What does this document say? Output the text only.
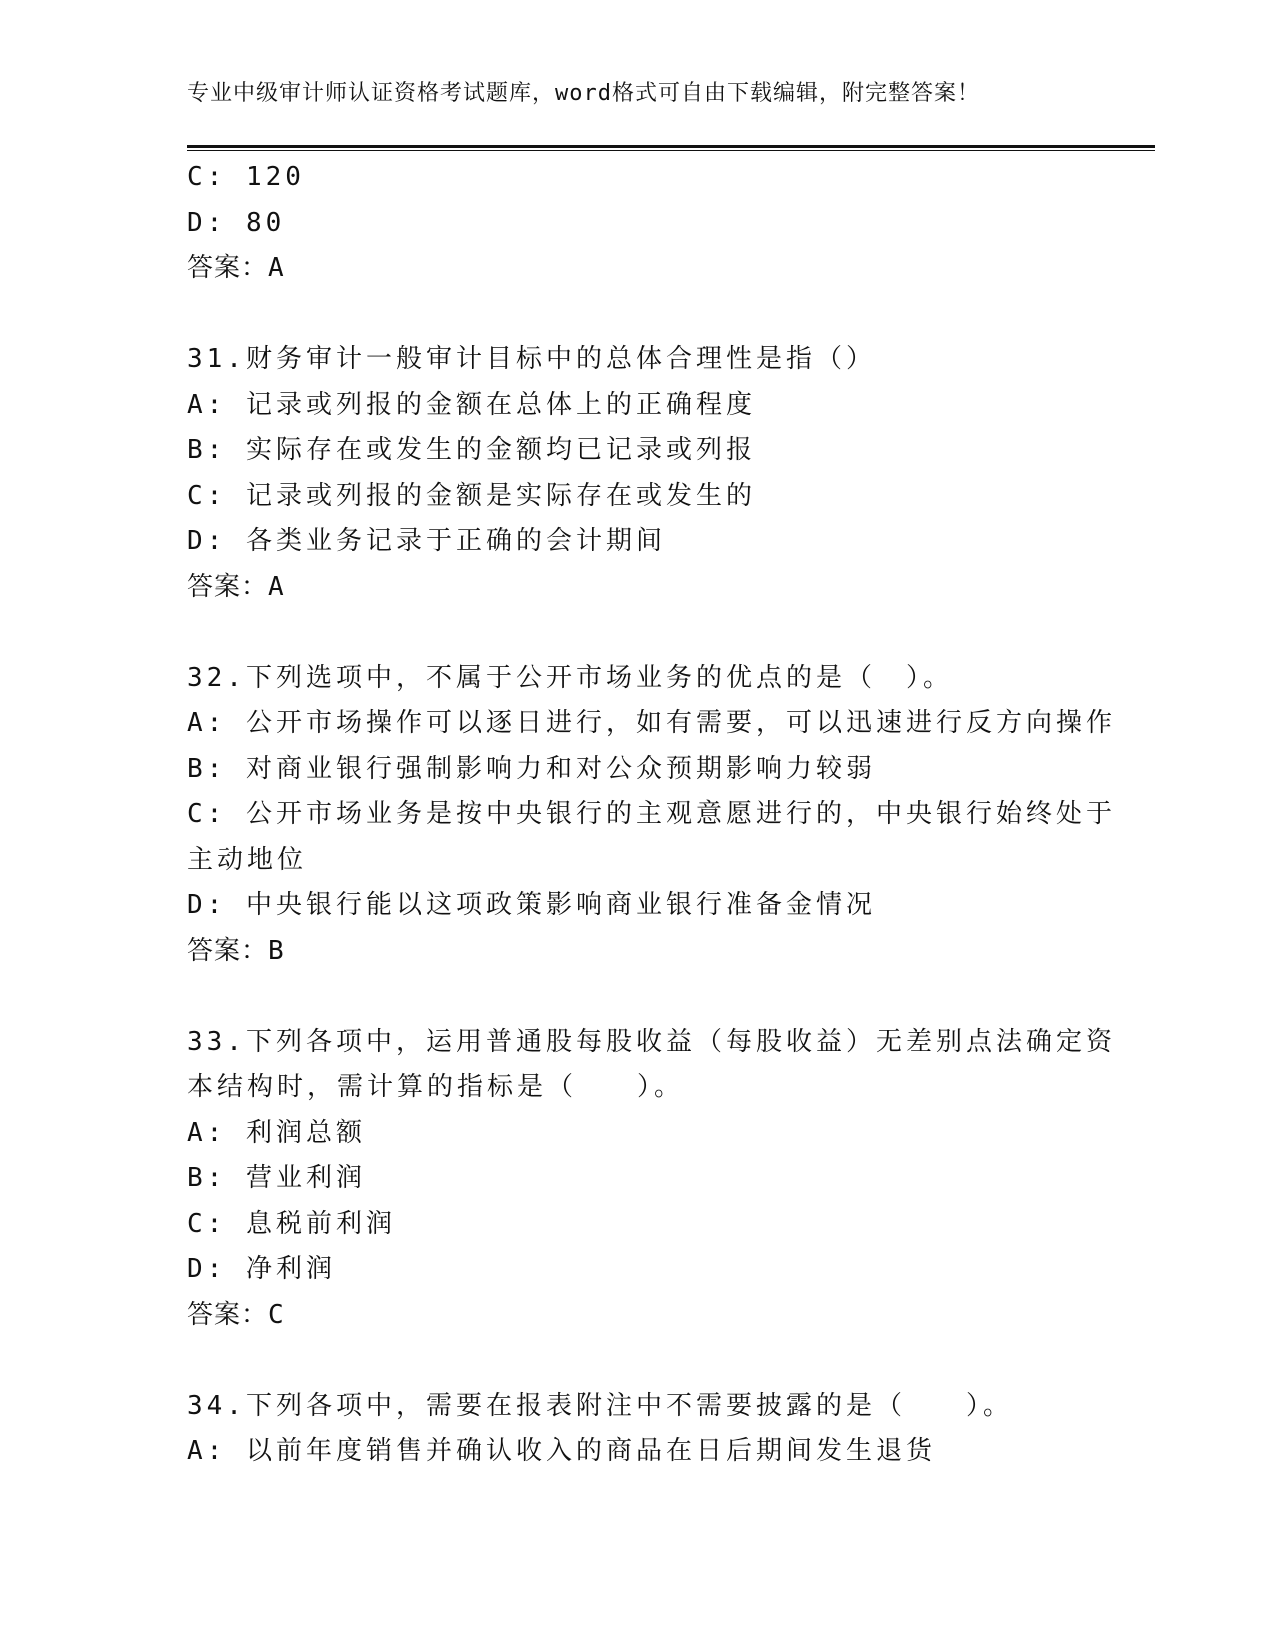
专业中级审计师认证资格考试题库，word格式可自由下载编辑，附完整答案！
C: 120
D: 80
答案：A
31.财务审计一般审计目标中的总体合理性是指（）
A: 记录或列报的金额在总体上的正确程度
B: 实际存在或发生的金额均已记录或列报
C: 记录或列报的金额是实际存在或发生的
D: 各类业务记录于正确的会计期间
答案：A
32.下列选项中，不属于公开市场业务的优点的是（　）。
A: 公开市场操作可以逐日进行，如有需要，可以迅速进行反方向操作
B: 对商业银行强制影响力和对公众预期影响力较弱
C: 公开市场业务是按中央银行的主观意愿进行的，中央银行始终处于
主动地位
D: 中央银行能以这项政策影响商业银行准备金情况
答案：B
33.下列各项中，运用普通股每股收益（每股收益）无差别点法确定资
本结构时，需计算的指标是（　　）。
A: 利润总额
B: 营业利润
C: 息税前利润
D: 净利润
答案：C
34.下列各项中，需要在报表附注中不需要披露的是（　　）。
A: 以前年度销售并确认收入的商品在日后期间发生退货
